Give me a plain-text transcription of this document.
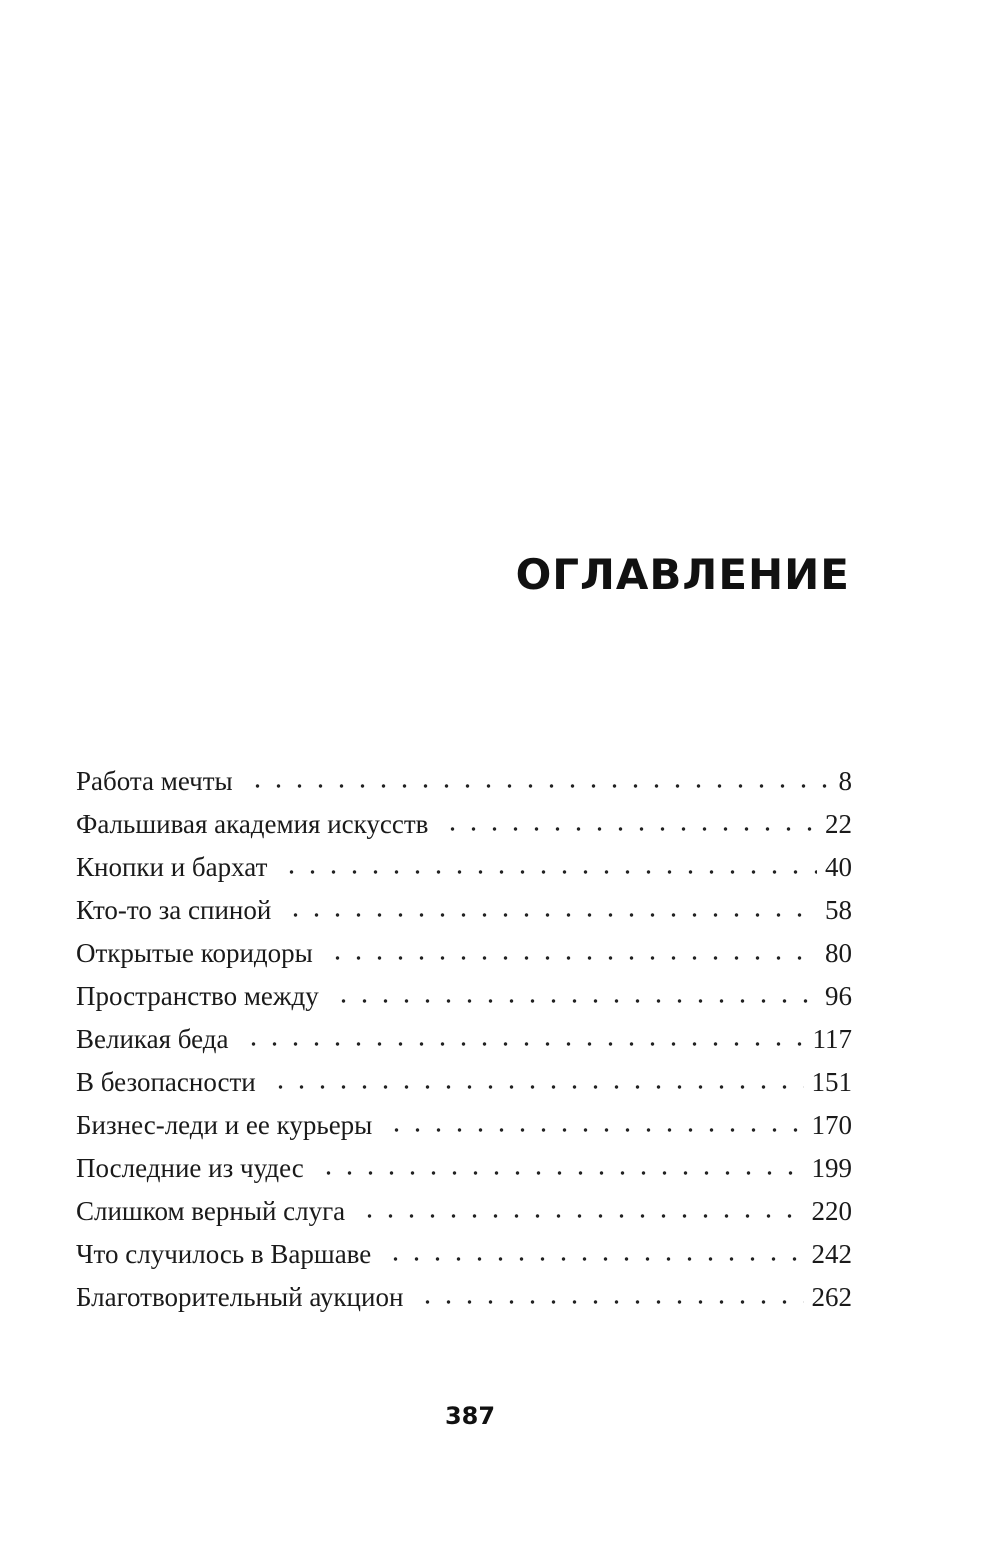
ОГЛАВЛЕНИЕ
Работа мечты	8
Фальшивая академия искусств	22
Кнопки и бархат	40
Кто-то за спиной	58
Открытые коридоры	80
Пространство между	96
Великая беда	117
В безопасности	151
Бизнес-леди и ее курьеры	170
Последние из чудес	199
Слишком верный слуга	220
Что случилось в Варшаве	242
Благотворительный аукцион	262
387
